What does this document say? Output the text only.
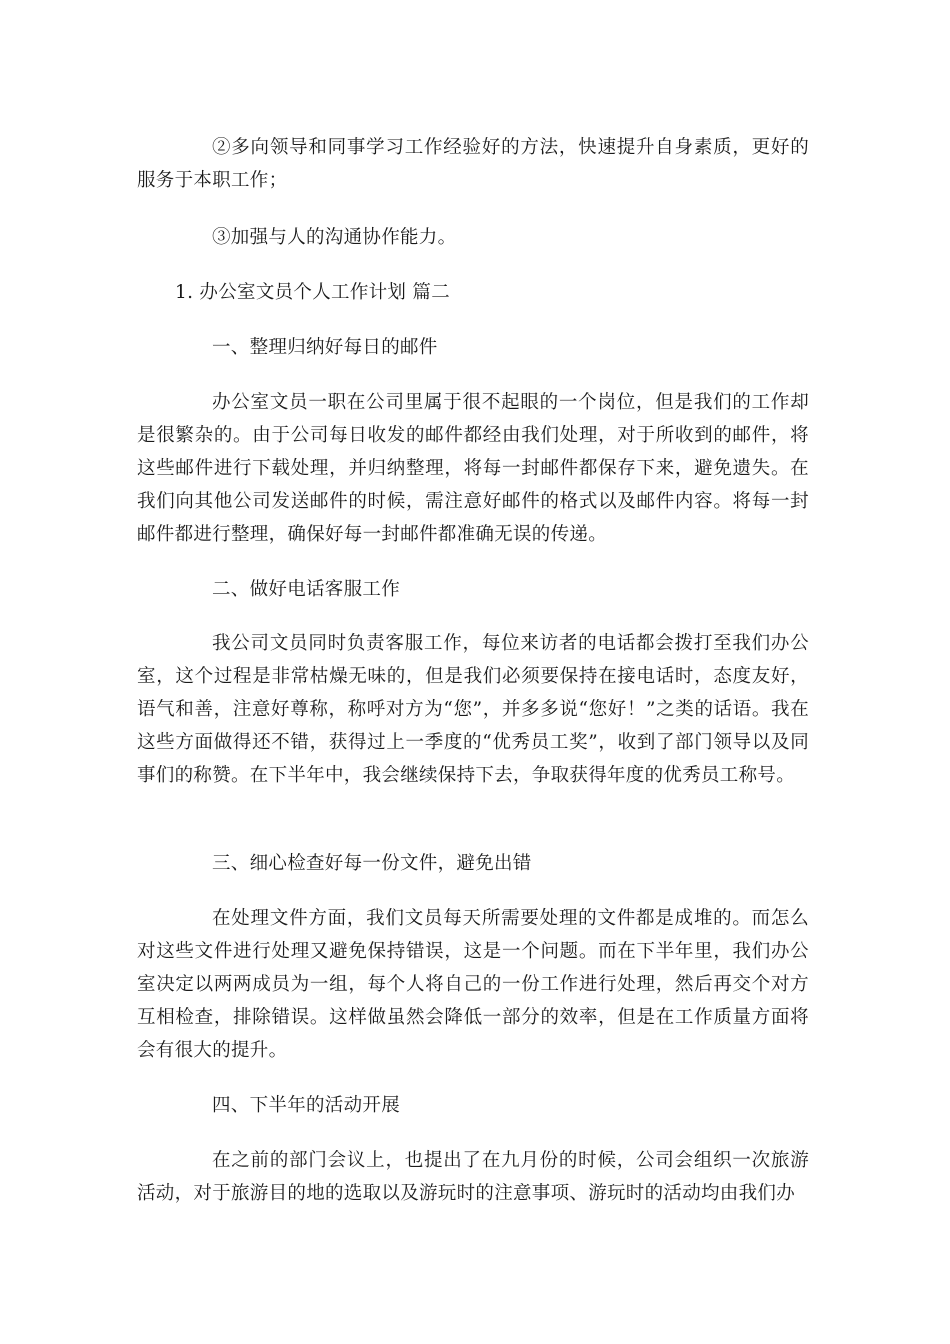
②多向领导和同事学习工作经验好的方法，快速提升自身素质，更好的服务于本职工作；

③加强与人的沟通协作能力。

1. 办公室文员个人工作计划 篇二

一、整理归纳好每日的邮件

办公室文员一职在公司里属于很不起眼的一个岗位，但是我们的工作却是很繁杂的。由于公司每日收发的邮件都经由我们处理，对于所收到的邮件，将这些邮件进行下载处理，并归纳整理，将每一封邮件都保存下来，避免遗失。在我们向其他公司发送邮件的时候，需注意好邮件的格式以及邮件内容。将每一封邮件都进行整理，确保好每一封邮件都准确无误的传递。

二、做好电话客服工作

我公司文员同时负责客服工作，每位来访者的电话都会拨打至我们办公室，这个过程是非常枯燥无味的，但是我们必须要保持在接电话时，态度友好，语气和善，注意好尊称，称呼对方为“您”，并多多说“您好！”之类的话语。我在这些方面做得还不错，获得过上一季度的“优秀员工奖”，收到了部门领导以及同事们的称赞。在下半年中，我会继续保持下去，争取获得年度的优秀员工称号。

三、细心检查好每一份文件，避免出错

在处理文件方面，我们文员每天所需要处理的文件都是成堆的。而怎么对这些文件进行处理又避免保持错误，这是一个问题。而在下半年里，我们办公室决定以两两成员为一组，每个人将自己的一份工作进行处理，然后再交个对方互相检查，排除错误。这样做虽然会降低一部分的效率，但是在工作质量方面将会有很大的提升。

四、下半年的活动开展

在之前的部门会议上，也提出了在九月份的时候，公司会组织一次旅游活动，对于旅游目的地的选取以及游玩时的注意事项、游玩时的活动均由我们办
